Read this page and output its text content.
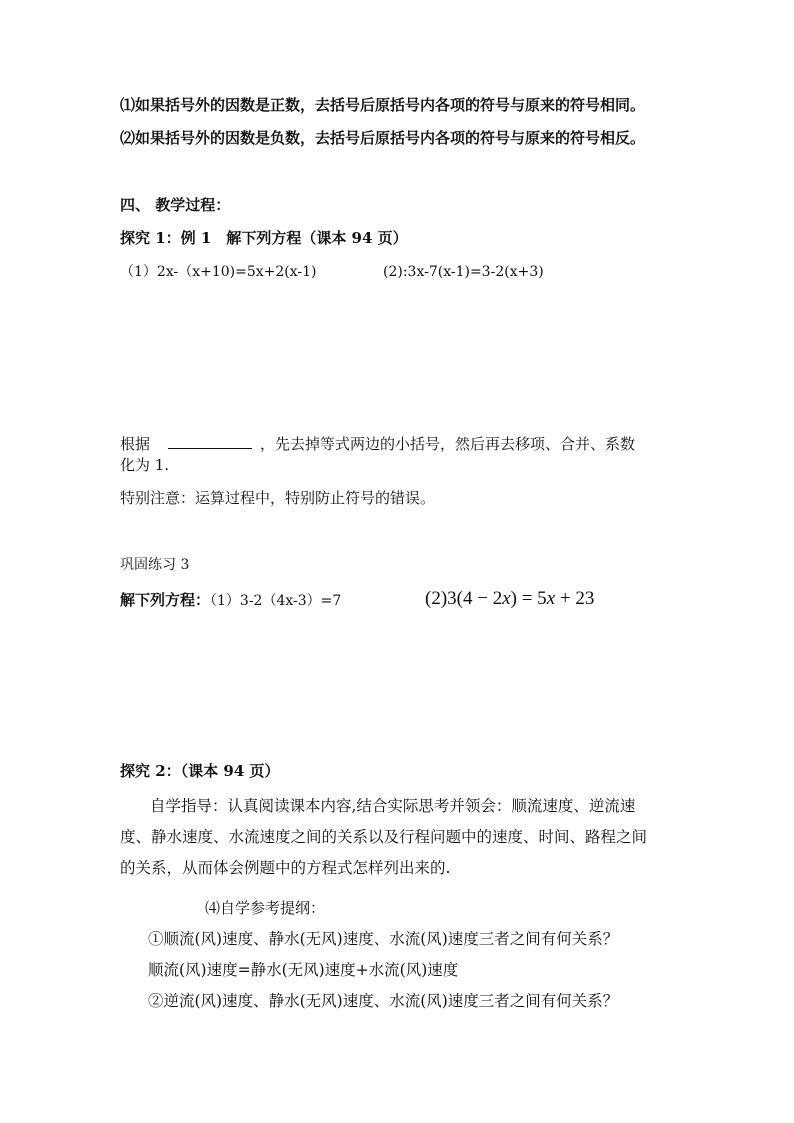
⑴如果括号外的因数是正数，去括号后原括号内各项的符号与原来的符号相同。
⑵如果括号外的因数是负数，去括号后原括号内各项的符号与原来的符号相反。
四、 教学过程：
探究 1：例 1　解下列方程（课本 94 页）
（1）2x-（x+10)=5x+2(x-1)	(2):3x-7(x-1)=3-2(x+3)
根据	，先去掉等式两边的小括号，然后再去移项、合并、系数
化为 1.
特别注意：运算过程中，特别防止符号的错误。
巩固练习 3
解下列方程：（1）3-2（4x-3）=7	(2)3(4 − 2x) = 5x + 23
探究 2：（课本 94 页）
自学指导：认真阅读课本内容,结合实际思考并领会：顺流速度、逆流速
度、静水速度、水流速度之间的关系以及行程问题中的速度、时间、路程之间
的关系，从而体会例题中的方程式怎样列出来的.
⑷自学参考提纲：
①顺流(风)速度、静水(无风)速度、水流(风)速度三者之间有何关系？
顺流(风)速度=静水(无风)速度+水流(风)速度
②逆流(风)速度、静水(无风)速度、水流(风)速度三者之间有何关系？
